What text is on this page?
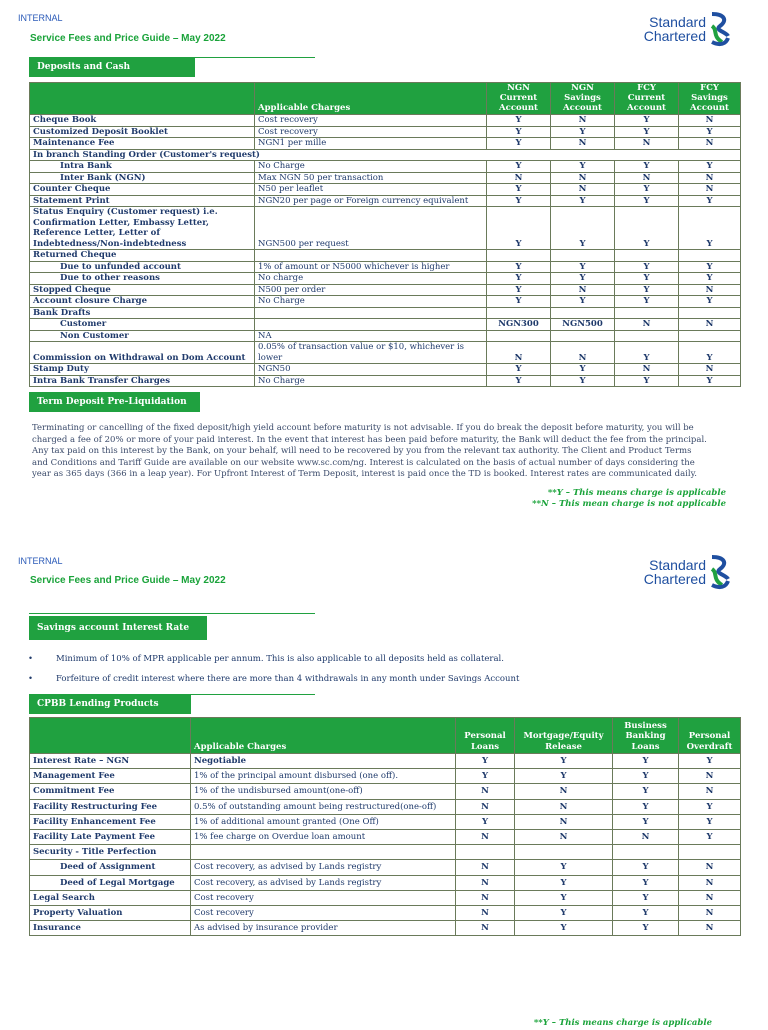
INTERNAL
Service Fees and Price Guide – May 2022
Standard
Chartered
Deposits and Cash
	Applicable Charges	NGN Current Account	NGN Savings Account	FCY Current Account	FCY Savings Account
Cheque Book	Cost recovery	Y	N	Y	N
Customized Deposit Booklet	Cost recovery	Y	Y	Y	Y
Maintenance Fee	NGN1 per mille	Y	N	N	N
In branch Standing Order (Customer's request)					
Intra Bank	No Charge	Y	Y	Y	Y
Inter Bank (NGN)	Max NGN 50 per transaction	N	N	N	N
Counter Cheque	N50 per leaflet	Y	N	Y	N
Statement Print	NGN20 per page or Foreign currency equivalent	Y	Y	Y	Y

Status Enquiry (Customer request) i.e.
Confirmation Letter, Embassy Letter,
Reference Letter, Letter of
Indebtedness/Non-indebtedness	NGN500 per request	Y	Y	Y	Y
Returned Cheque					
Due to unfunded account	1% of amount or N5000 whichever is higher	Y	Y	Y	Y
Due to other reasons	No charge	Y	Y	Y	Y
Stopped Cheque	N500 per order	Y	N	Y	N
Account closure Charge	No Charge	Y	Y	Y	Y
Bank Drafts					
Customer		NGN300	NGN500	N	N
Non Customer	NA				
Commission on Withdrawal on Dom Account	0.05% of transaction value or $10, whichever is
lower	N	N	Y	Y
Stamp Duty	NGN50	Y	Y	N	N
Intra Bank Transfer Charges	No Charge	Y	Y	Y	Y
Term Deposit Pre-Liquidation
Terminating or cancelling of the fixed deposit/high yield account before maturity is not advisable. If you do break the deposit before maturity, you will be
charged a fee of 20% or more of your paid interest. In the event that interest has been paid before maturity, the Bank will deduct the fee from the principal.
Any tax paid on this interest by the Bank, on your behalf, will need to be recovered by you from the relevant tax authority. The Client and Product Terms
and Conditions and Tariff Guide are available on our website www.sc.com/ng. Interest is calculated on the basis of actual number of days considering the
year as 365 days (366 in a leap year). For Upfront Interest of Term Deposit, interest is paid once the TD is booked. Interest rates are communicated daily.
**Y – This means charge is applicable
**N – This mean charge is not applicable
INTERNAL
Service Fees and Price Guide – May 2022
Standard
Chartered
Savings account Interest Rate
•	Minimum of 10% of MPR applicable per annum. This is also applicable to all deposits held as collateral.
•	Forfeiture of credit interest where there are more than 4 withdrawals in any month under Savings Account
CPBB Lending Products
	Applicable Charges	Personal Loans	Mortgage/Equity Release	Business Banking Loans	Personal Overdraft
Interest Rate – NGN	Negotiable	Y	Y	Y	Y
Management Fee	1% of the principal amount disbursed (one off).	Y	Y	Y	N
Commitment Fee	1% of the undisbursed amount(one-off)	N	N	Y	N
Facility Restructuring Fee	0.5% of outstanding amount being restructured(one-off)	N	N	Y	Y
Facility Enhancement Fee	1% of additional amount granted (One Off)	Y	N	Y	Y
Facility Late Payment Fee	1% fee charge on Overdue loan amount	N	N	N	Y
Security - Title Perfection					
Deed of Assignment	Cost recovery, as advised by Lands registry	N	Y	Y	N
Deed of Legal Mortgage	Cost recovery, as advised by Lands registry	N	Y	Y	N
Legal Search	Cost recovery	N	Y	Y	N
Property Valuation	Cost recovery	N	Y	Y	N
Insurance	As advised by insurance provider	N	Y	Y	N
**Y – This means charge is applicable
